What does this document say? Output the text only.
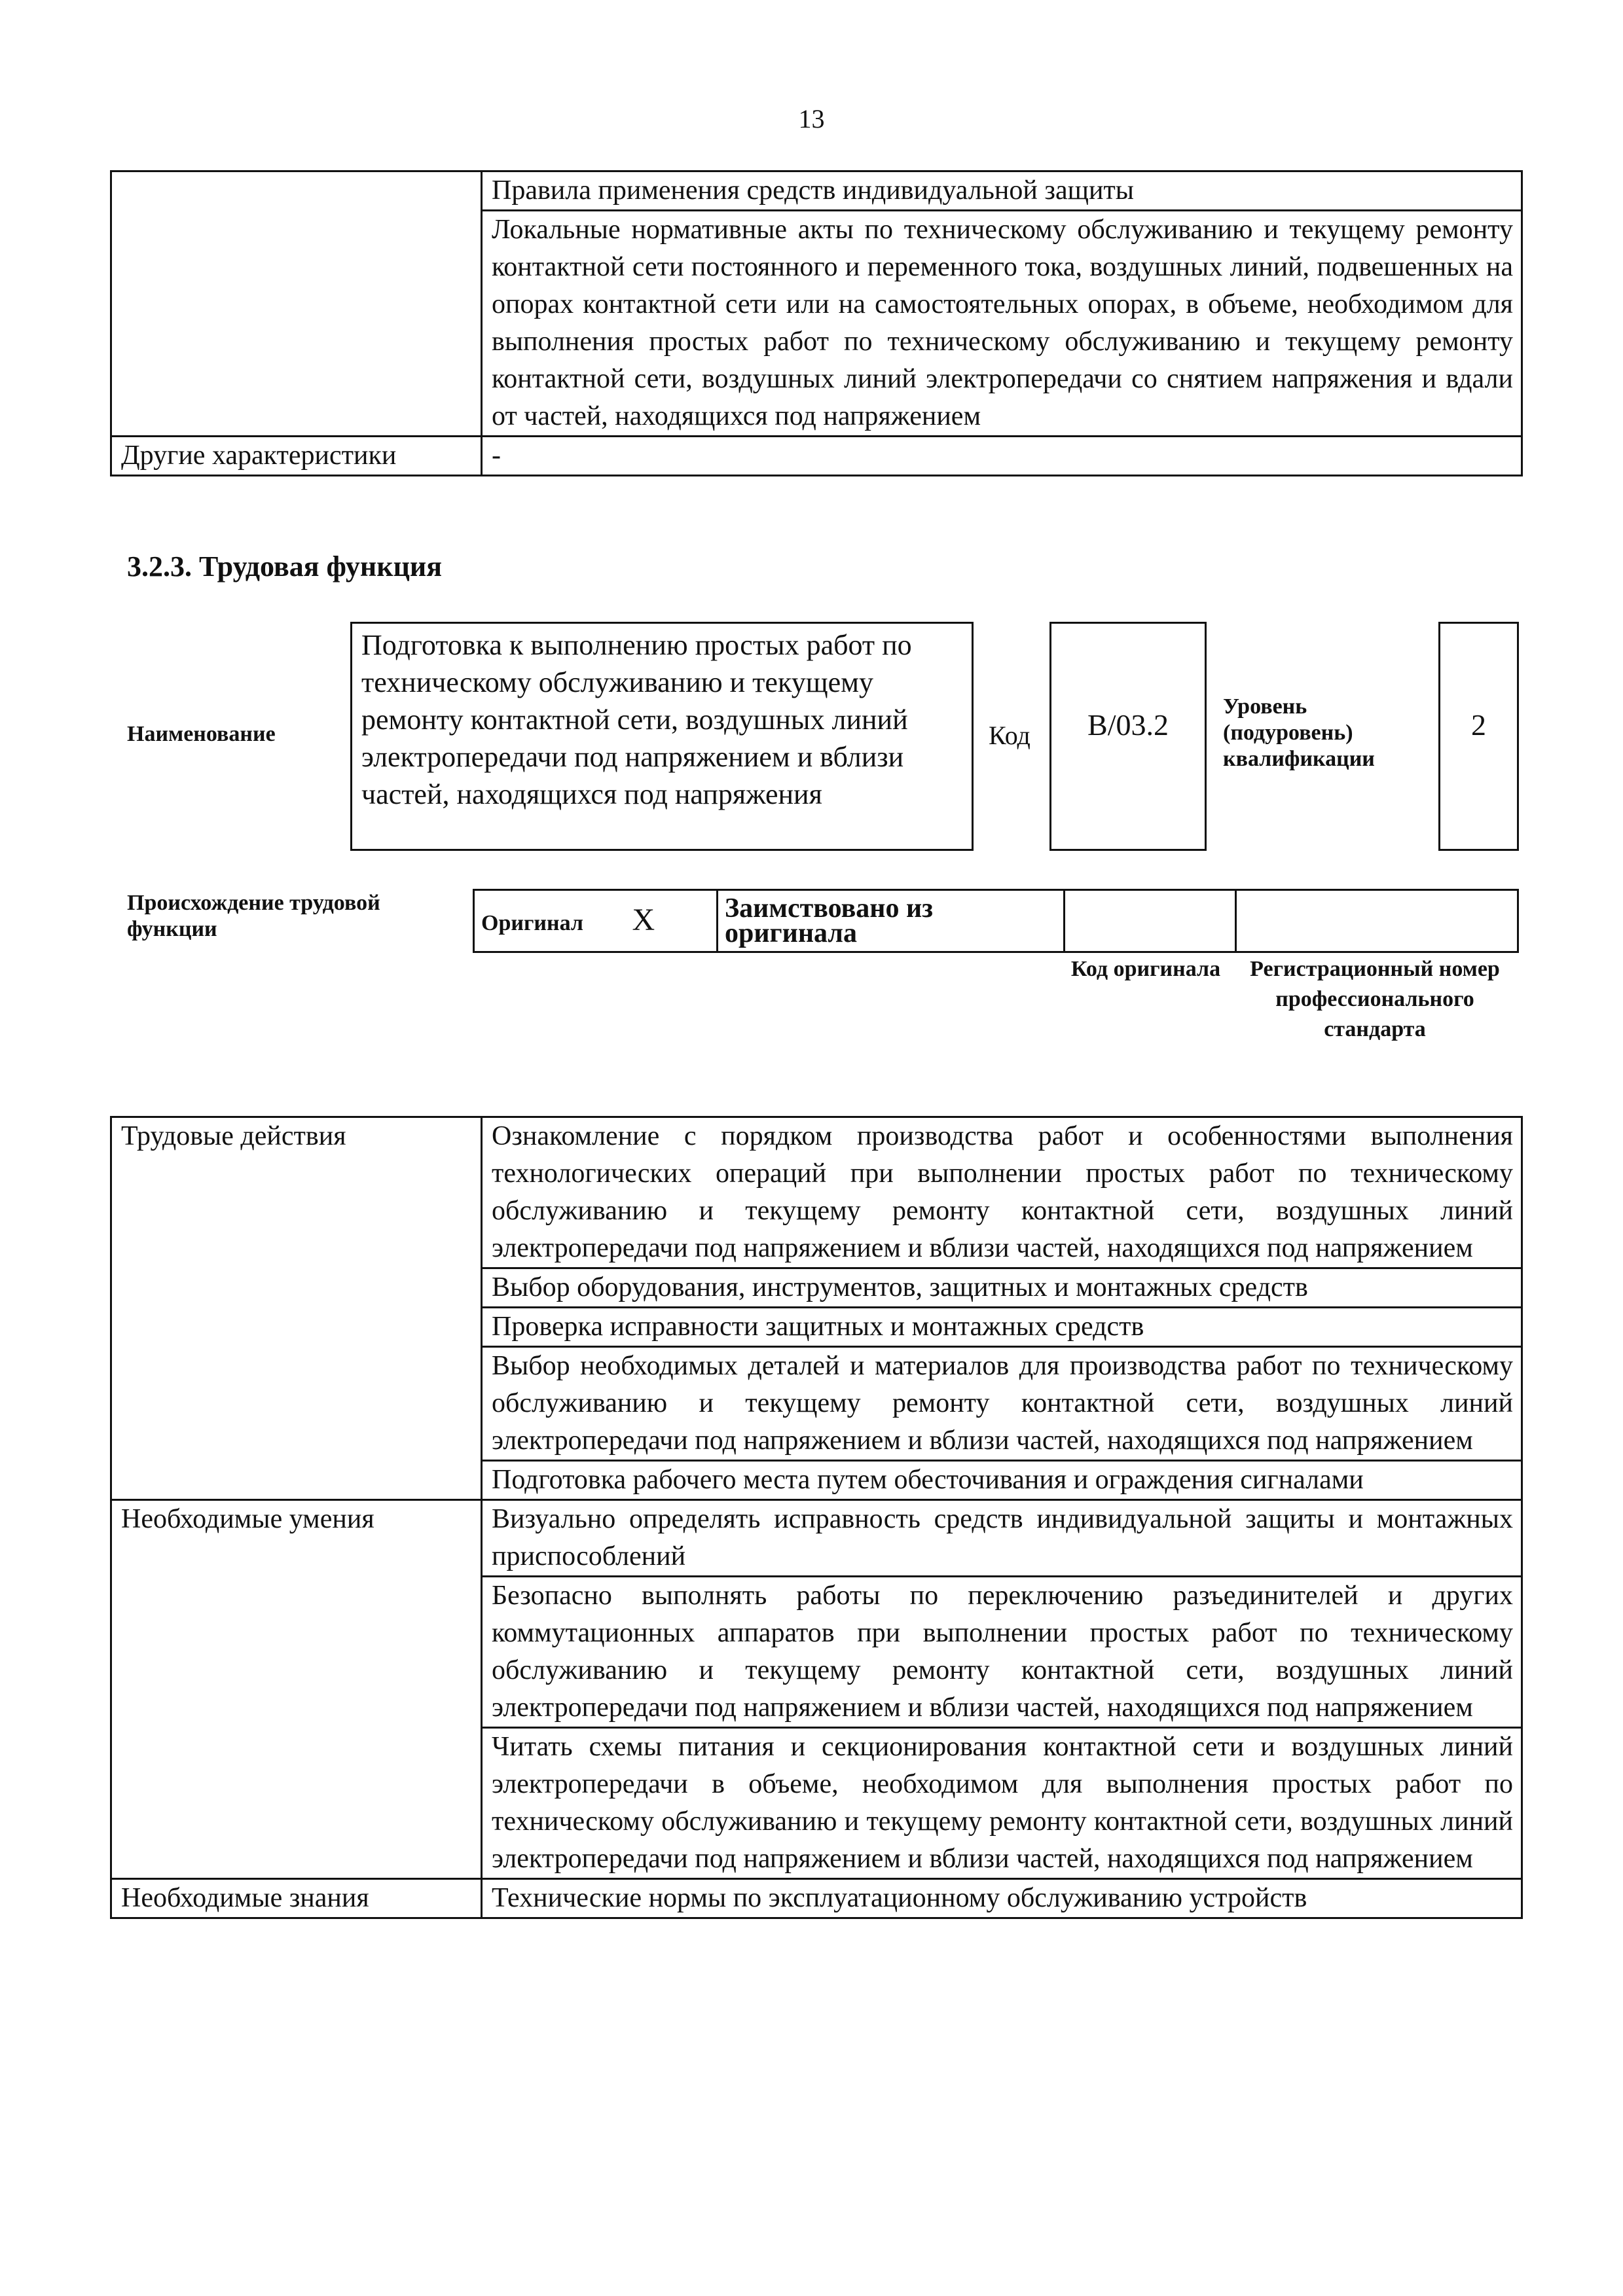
13
	Правила применения средств индивидуальной защиты
	Локальные нормативные акты по техническому обслуживанию и текущему ремонту контактной сети постоянного и переменного тока, воздушных линий, подвешенных на опорах контактной сети или на самостоятельных опорах, в объеме, необходимом для выполнения простых работ по техническому обслуживанию и текущему ремонту контактной сети, воздушных линий электропередачи со снятием напряжения и вдали от частей, находящихся под напряжением
Другие характеристики	-
3.2.3. Трудовая функция
Наименование
Подготовка к выполнению простых работ по техническому обслуживанию и текущему ремонту контактной сети, воздушных линий электропередачи под напряжением и вблизи частей, находящихся под напряжения
Код	B/03.2
Уровень (подуровень) квалификации
2
Происхождение трудовой функции	Оригинал X	Заимствовано из оригинала		
Код оригинала	Регистрационный номер профессионального стандарта
Трудовые действия	Ознакомление с порядком производства работ и особенностями выполнения технологических операций при выполнении простых работ по техническому обслуживанию и текущему ремонту контактной сети, воздушных линий электропередачи под напряжением и вблизи частей, находящихся под напряжением
	Выбор оборудования, инструментов, защитных и монтажных средств
	Проверка исправности защитных и монтажных средств
	Выбор необходимых деталей и материалов для производства работ по техническому обслуживанию и текущему ремонту контактной сети, воздушных линий электропередачи под напряжением и вблизи частей, находящихся под напряжением
	Подготовка рабочего места путем обесточивания и ограждения сигналами
Необходимые умения	Визуально определять исправность средств индивидуальной защиты и монтажных приспособлений
	Безопасно выполнять работы по переключению разъединителей и других коммутационных аппаратов при выполнении простых работ по техническому обслуживанию и текущему ремонту контактной сети, воздушных линий электропередачи под напряжением и вблизи частей, находящихся под напряжением
	Читать схемы питания и секционирования контактной сети и воздушных линий электропередачи в объеме, необходимом для выполнения простых работ по техническому обслуживанию и текущему ремонту контактной сети, воздушных линий электропередачи под напряжением и вблизи частей, находящихся под напряжением
Необходимые знания	Технические нормы по эксплуатационному обслуживанию устройств
